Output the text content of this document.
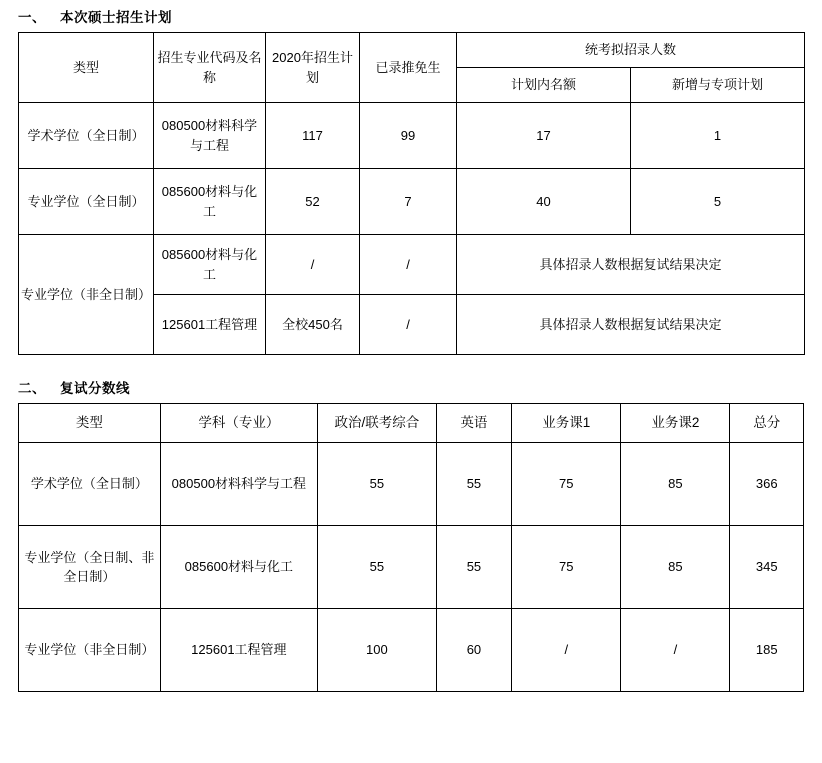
一、 本次硕士招生计划
类型	招生专业代码及名称	2020年招生计划	已录推免生	统考拟招录人数	
				计划内名额	新增与专项计划
学术学位（全日制）	080500材料科学与工程	117	99	17	1
专业学位（全日制）	085600材料与化工	52	7	40	5
专业学位（非全日制）	085600材料与化工	/	/	具体招录人数根据复试结果决定	
	125601工程管理	全校450名	/	具体招录人数根据复试结果决定	
二、 复试分数线
类型	学科（专业）	政治/联考综合	英语	业务课1	业务课2	总分
学术学位（全日制）	080500材料科学与工程	55	55	75	85	366
专业学位（全日制、非全日制）	085600材料与化工	55	55	75	85	345
专业学位（非全日制）	125601工程管理	100	60	/	/	185
